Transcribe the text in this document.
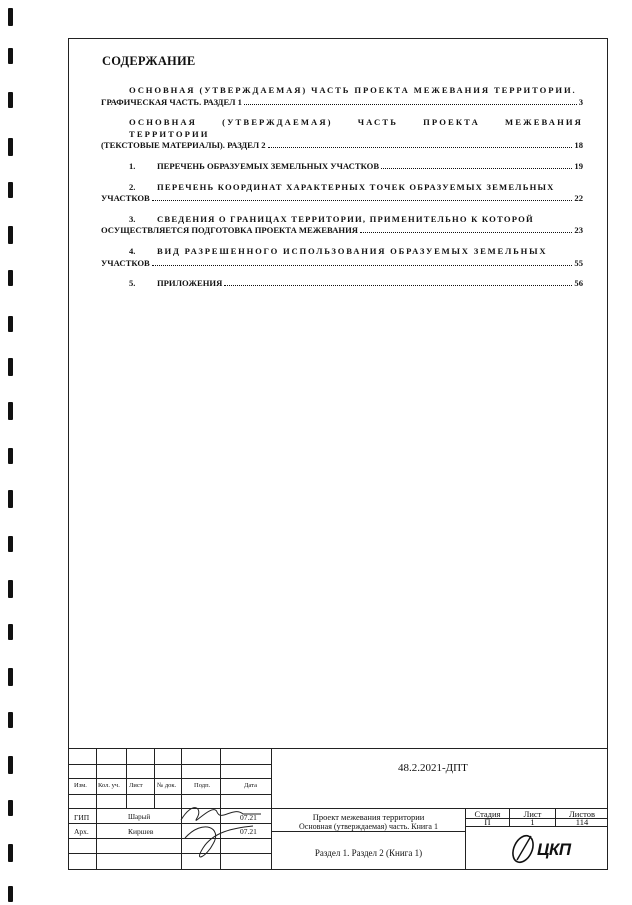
СОДЕРЖАНИЕ
ОСНОВНАЯ (УТВЕРЖДАЕМАЯ) ЧАСТЬ ПРОЕКТА МЕЖЕВАНИЯ ТЕРРИТОРИИ.
ГРАФИЧЕСКАЯ ЧАСТЬ. РАЗДЕЛ 1	3
ОСНОВНАЯ (УТВЕРЖДАЕМАЯ) ЧАСТЬ ПРОЕКТА МЕЖЕВАНИЯ ТЕРРИТОРИИ
(ТЕКСТОВЫЕ МАТЕРИАЛЫ). РАЗДЕЛ 2	18
1.	ПЕРЕЧЕНЬ ОБРАЗУЕМЫХ ЗЕМЕЛЬНЫХ УЧАСТКОВ	19
2.	ПЕРЕЧЕНЬ КООРДИНАТ ХАРАКТЕРНЫХ ТОЧЕК ОБРАЗУЕМЫХ ЗЕМЕЛЬНЫХ
УЧАСТКОВ	22
3.	СВЕДЕНИЯ О ГРАНИЦАХ ТЕРРИТОРИИ, ПРИМЕНИТЕЛЬНО К КОТОРОЙ
ОСУЩЕСТВЛЯЕТСЯ ПОДГОТОВКА ПРОЕКТА МЕЖЕВАНИЯ	23
4.	ВИД РАЗРЕШЕННОГО ИСПОЛЬЗОВАНИЯ ОБРАЗУЕМЫХ ЗЕМЕЛЬНЫХ
УЧАСТКОВ	55
5.	ПРИЛОЖЕНИЯ	56
48.2.2021-ДПТ
Изм. Кол. уч. Лист № док.	Подп.	Дата
ГИП	Шарый	07.21
Арх.	Киршев	07.21
Проект межевания территории
Основная (утверждаемая) часть. Книга 1
Раздел 1. Раздел 2 (Книга 1)
Стадия	Лист	Листов
П	1	114
ЦКП
